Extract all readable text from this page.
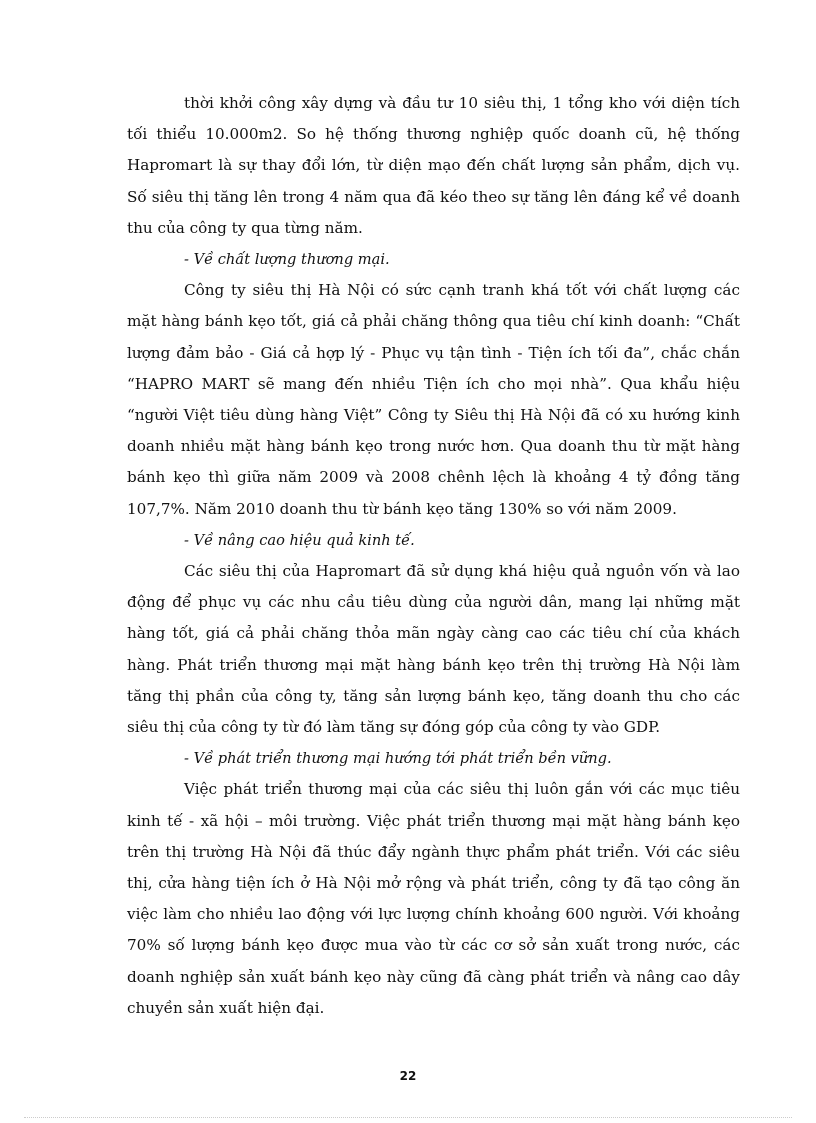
thời khởi công xây dựng và đầu tư 10 siêu thị, 1 tổng kho với diện tích tối thiểu 10.000m2. So hệ thống thương nghiệp quốc doanh cũ, hệ thống Hapromart là sự thay đổi lớn, từ diện mạo đến chất lượng sản phẩm, dịch vụ. Số siêu thị tăng lên trong 4 năm qua đã kéo theo sự tăng lên đáng kể về doanh thu của công ty qua từng năm.

- Về chất lượng thương mại.

Công ty siêu thị Hà Nội có sức cạnh tranh khá tốt với chất lượng các mặt hàng bánh kẹo tốt, giá cả phải chăng thông qua tiêu chí kinh doanh: “Chất lượng đảm bảo - Giá cả hợp lý - Phục vụ tận tình - Tiện ích tối đa”, chắc chắn “HAPRO MART sẽ mang đến nhiều Tiện ích cho mọi nhà”. Qua khẩu hiệu “người Việt tiêu dùng hàng Việt” Công ty Siêu thị Hà Nội đã có xu hướng kinh doanh nhiều mặt hàng bánh kẹo trong nước hơn. Qua doanh thu từ mặt hàng bánh kẹo thì giữa năm 2009 và 2008 chênh lệch là khoảng 4 tỷ đồng tăng 107,7%. Năm 2010 doanh thu từ bánh kẹo tăng 130% so với năm 2009.

- Về nâng cao hiệu quả kinh tế.

Các siêu thị của Hapromart đã sử dụng khá hiệu quả nguồn vốn và lao động để phục vụ các nhu cầu tiêu dùng của người dân, mang lại những mặt hàng tốt, giá cả phải chăng thỏa mãn ngày càng cao các tiêu chí của khách hàng. Phát triển thương mại mặt hàng bánh kẹo trên thị trường Hà Nội làm tăng thị phần của công ty, tăng sản lượng bánh kẹo, tăng doanh thu cho các siêu thị của công ty từ đó làm tăng sự đóng góp của công ty vào GDP.

- Về phát triển thương mại hướng tới phát triển bền vững.

Việc phát triển thương mại của các siêu thị luôn gắn với các mục tiêu kinh tế - xã hội – môi trường. Việc phát triển thương mại mặt hàng bánh kẹo trên thị trường Hà Nội đã thúc đẩy ngành thực phẩm phát triển. Với các siêu thị, cửa hàng tiện ích ở Hà Nội mở rộng và phát triển, công ty đã tạo công ăn việc làm cho nhiều lao động với lực lượng chính khoảng 600 người. Với khoảng 70% số lượng bánh kẹo được mua vào từ các cơ sở sản xuất trong nước, các doanh nghiệp sản xuất bánh kẹo này cũng đã càng phát triển và nâng cao dây chuyền sản xuất hiện đại.

22
